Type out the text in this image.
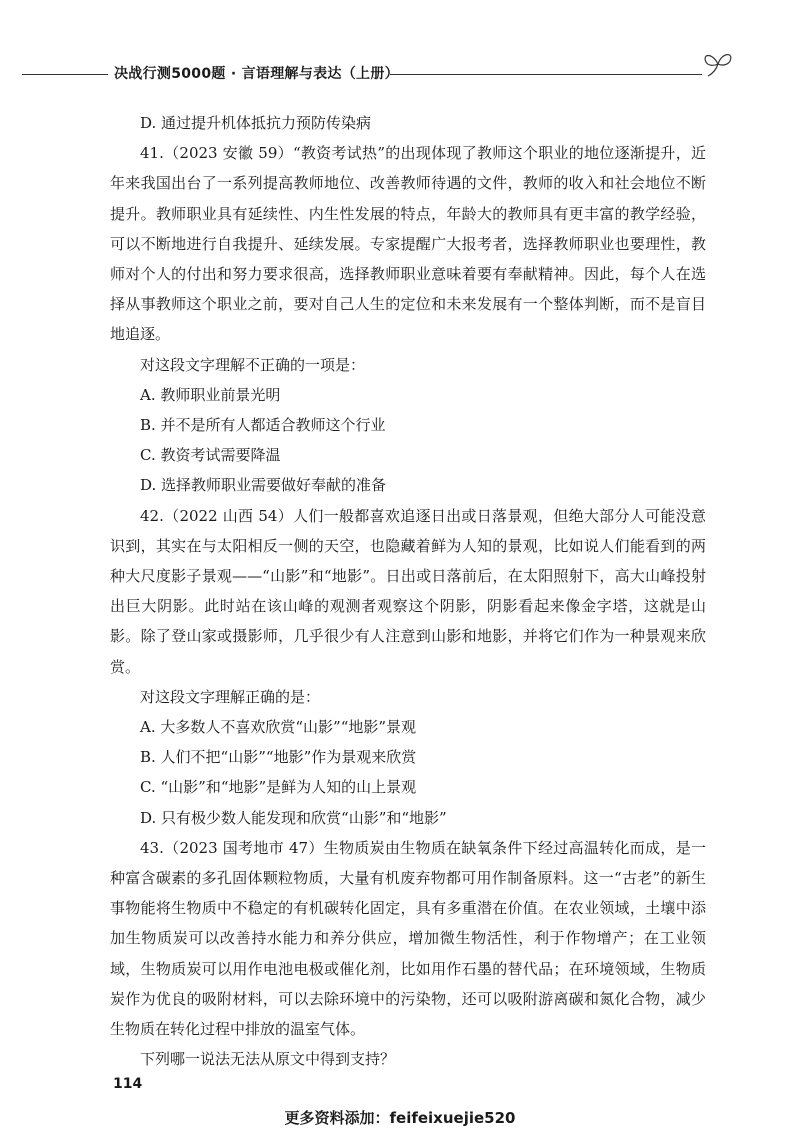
决战行测5000题 · 言语理解与表达（上册）

D. 通过提升机体抵抗力预防传染病

41.（2023 安徽 59）“教资考试热”的出现体现了教师这个职业的地位逐渐提升，近年来我国出台了一系列提高教师地位、改善教师待遇的文件，教师的收入和社会地位不断提升。教师职业具有延续性、内生性发展的特点，年龄大的教师具有更丰富的教学经验，可以不断地进行自我提升、延续发展。专家提醒广大报考者，选择教师职业也要理性，教师对个人的付出和努力要求很高，选择教师职业意味着要有奉献精神。因此，每个人在选择从事教师这个职业之前，要对自己人生的定位和未来发展有一个整体判断，而不是盲目地追逐。

对这段文字理解不正确的一项是：

A. 教师职业前景光明

B. 并不是所有人都适合教师这个行业

C. 教资考试需要降温

D. 选择教师职业需要做好奉献的准备

42.（2022 山西 54）人们一般都喜欢追逐日出或日落景观，但绝大部分人可能没意识到，其实在与太阳相反一侧的天空，也隐藏着鲜为人知的景观，比如说人们能看到的两种大尺度影子景观——“山影”和“地影”。日出或日落前后，在太阳照射下，高大山峰投射出巨大阴影。此时站在该山峰的观测者观察这个阴影，阴影看起来像金字塔，这就是山影。除了登山家或摄影师，几乎很少有人注意到山影和地影，并将它们作为一种景观来欣赏。

对这段文字理解正确的是：

A. 大多数人不喜欢欣赏“山影”“地影”景观

B. 人们不把“山影”“地影”作为景观来欣赏

C. “山影”和“地影”是鲜为人知的山上景观

D. 只有极少数人能发现和欣赏“山影”和“地影”

43.（2023 国考地市 47）生物质炭由生物质在缺氧条件下经过高温转化而成，是一种富含碳素的多孔固体颗粒物质，大量有机废弃物都可用作制备原料。这一“古老”的新生事物能将生物质中不稳定的有机碳转化固定，具有多重潜在价值。在农业领域，土壤中添加生物质炭可以改善持水能力和养分供应，增加微生物活性，利于作物增产；在工业领域，生物质炭可以用作电池电极或催化剂，比如用作石墨的替代品；在环境领域，生物质炭作为优良的吸附材料，可以去除环境中的污染物，还可以吸附游离碳和氮化合物，减少生物质在转化过程中排放的温室气体。

下列哪一说法无法从原文中得到支持？

114
更多资料添加：feifeixuejie520
